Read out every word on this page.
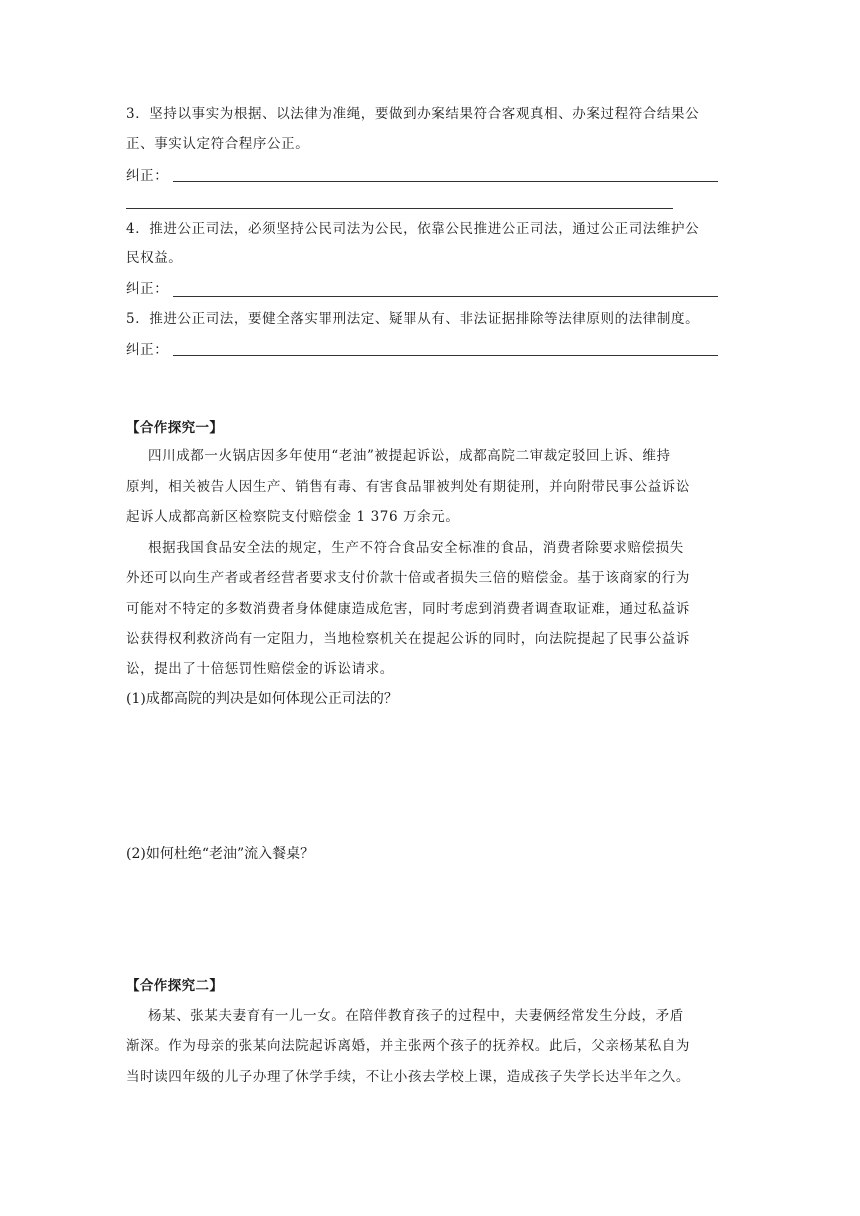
3．坚持以事实为根据、以法律为准绳，要做到办案结果符合客观真相、办案过程符合结果公
正、事实认定符合程序公正。
纠正：
4．推进公正司法，必须坚持公民司法为公民，依靠公民推进公正司法，通过公正司法维护公
民权益。
纠正：
5．推进公正司法，要健全落实罪刑法定、疑罪从有、非法证据排除等法律原则的法律制度。
纠正：
【合作探究一】
四川成都一火锅店因多年使用“老油”被提起诉讼，成都高院二审裁定驳回上诉、维持
原判，相关被告人因生产、销售有毒、有害食品罪被判处有期徒刑，并向附带民事公益诉讼
起诉人成都高新区检察院支付赔偿金 1 376 万余元。
根据我国食品安全法的规定，生产不符合食品安全标准的食品，消费者除要求赔偿损失
外还可以向生产者或者经营者要求支付价款十倍或者损失三倍的赔偿金。基于该商家的行为
可能对不特定的多数消费者身体健康造成危害，同时考虑到消费者调查取证难，通过私益诉
讼获得权利救济尚有一定阻力，当地检察机关在提起公诉的同时，向法院提起了民事公益诉
讼，提出了十倍惩罚性赔偿金的诉讼请求。
(1)成都高院的判决是如何体现公正司法的？
(2)如何杜绝“老油”流入餐桌？
【合作探究二】
杨某、张某夫妻育有一儿一女。在陪伴教育孩子的过程中，夫妻俩经常发生分歧，矛盾
渐深。作为母亲的张某向法院起诉离婚，并主张两个孩子的抚养权。此后，父亲杨某私自为
当时读四年级的儿子办理了休学手续，不让小孩去学校上课，造成孩子失学长达半年之久。
